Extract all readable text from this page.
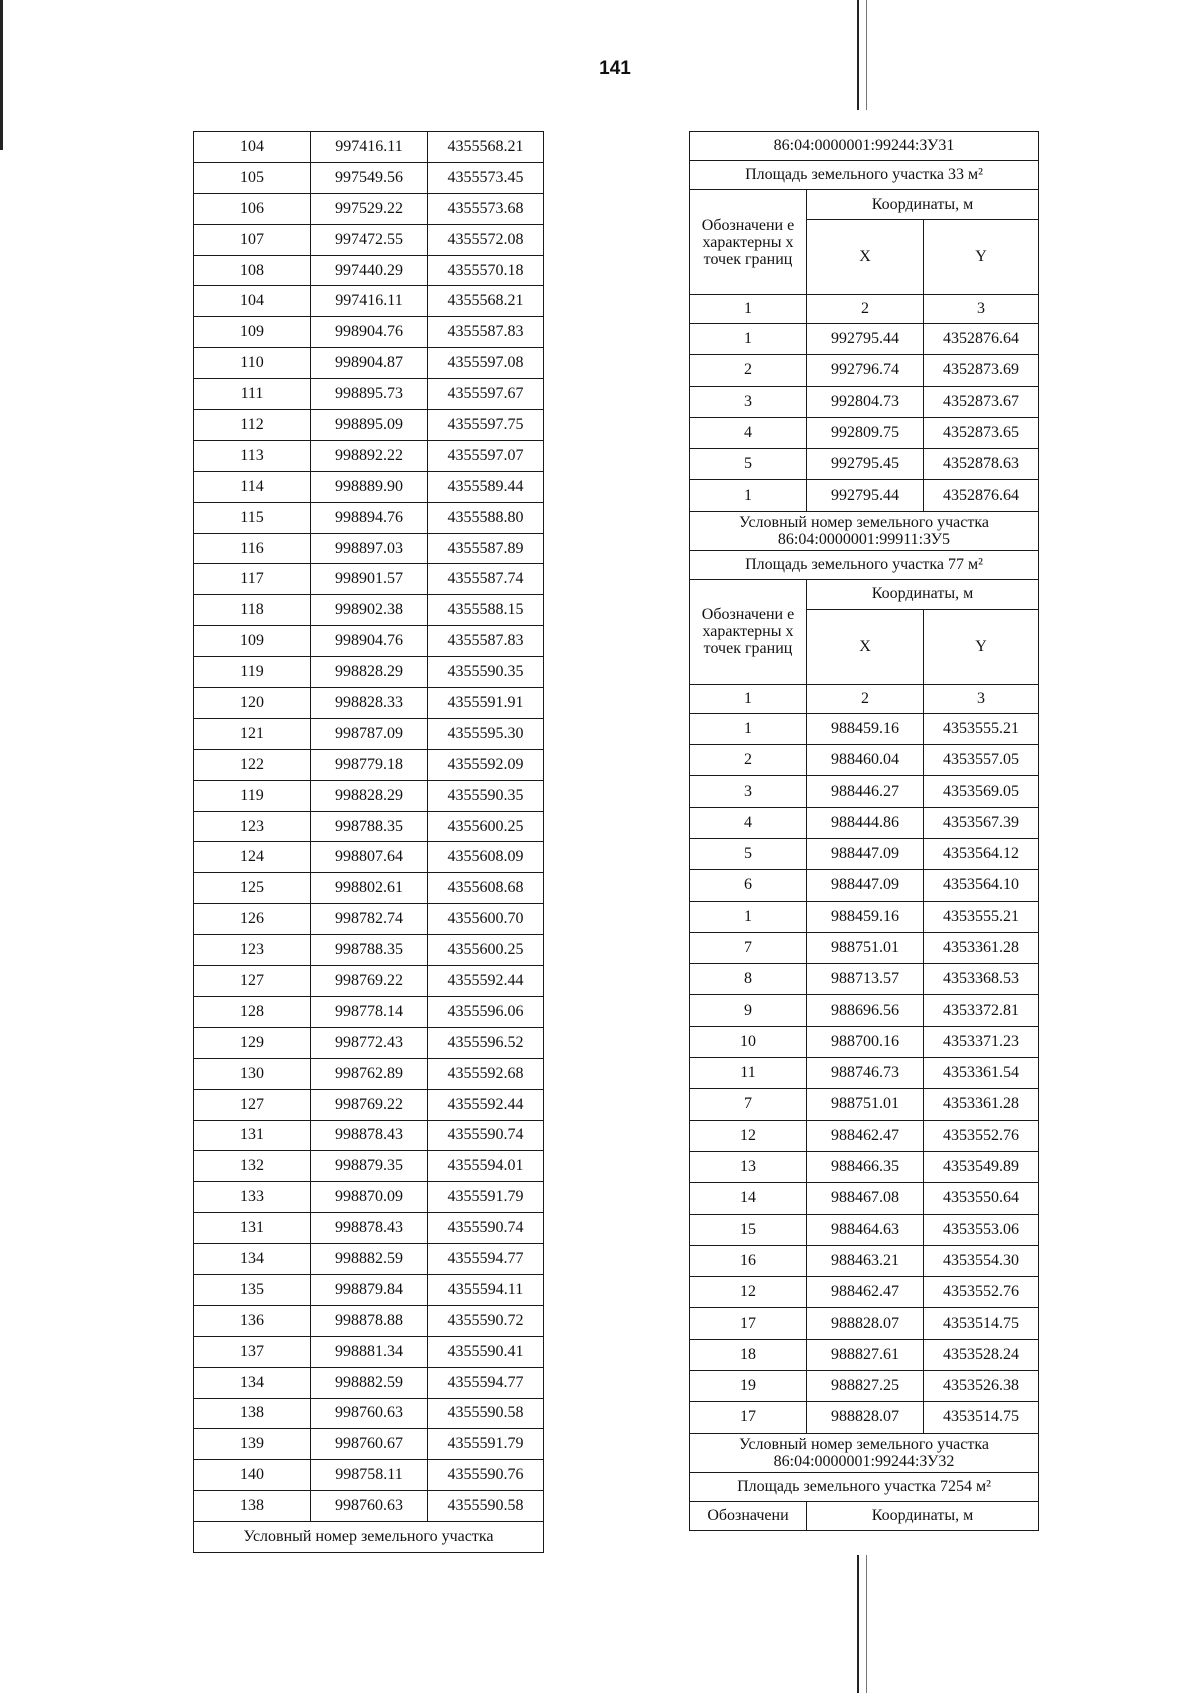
141
104	997416.11	4355568.21
105	997549.56	4355573.45
106	997529.22	4355573.68
107	997472.55	4355572.08
108	997440.29	4355570.18
104	997416.11	4355568.21
109	998904.76	4355587.83
110	998904.87	4355597.08
111	998895.73	4355597.67
112	998895.09	4355597.75
113	998892.22	4355597.07
114	998889.90	4355589.44
115	998894.76	4355588.80
116	998897.03	4355587.89
117	998901.57	4355587.74
118	998902.38	4355588.15
109	998904.76	4355587.83
119	998828.29	4355590.35
120	998828.33	4355591.91
121	998787.09	4355595.30
122	998779.18	4355592.09
119	998828.29	4355590.35
123	998788.35	4355600.25
124	998807.64	4355608.09
125	998802.61	4355608.68
126	998782.74	4355600.70
123	998788.35	4355600.25
127	998769.22	4355592.44
128	998778.14	4355596.06
129	998772.43	4355596.52
130	998762.89	4355592.68
127	998769.22	4355592.44
131	998878.43	4355590.74
132	998879.35	4355594.01
133	998870.09	4355591.79
131	998878.43	4355590.74
134	998882.59	4355594.77
135	998879.84	4355594.11
136	998878.88	4355590.72
137	998881.34	4355590.41
134	998882.59	4355594.77
138	998760.63	4355590.58
139	998760.67	4355591.79
140	998758.11	4355590.76
138	998760.63	4355590.58
Условный номер земельного участка		
86:04:0000001:99244:ЗУ31		
Площадь земельного участка 33 м²		
Обозначени е характерны х точек границ	Координаты, м	
	X	Y
1	2	3
1	992795.44	4352876.64
2	992796.74	4352873.69
3	992804.73	4352873.67
4	992809.75	4352873.65
5	992795.45	4352878.63
1	992795.44	4352876.64

Условный номер земельного участка
86:04:0000001:99911:ЗУ5		

Площадь земельного участка 77 м²		
Обозначени е характерны х точек границ	Координаты, м	
	X	Y
1	2	3
1	988459.16	4353555.21
2	988460.04	4353557.05
3	988446.27	4353569.05
4	988444.86	4353567.39
5	988447.09	4353564.12
6	988447.09	4353564.10
1	988459.16	4353555.21
7	988751.01	4353361.28
8	988713.57	4353368.53
9	988696.56	4353372.81
10	988700.16	4353371.23
11	988746.73	4353361.54
7	988751.01	4353361.28
12	988462.47	4353552.76
13	988466.35	4353549.89
14	988467.08	4353550.64
15	988464.63	4353553.06
16	988463.21	4353554.30
12	988462.47	4353552.76
17	988828.07	4353514.75
18	988827.61	4353528.24
19	988827.25	4353526.38
17	988828.07	4353514.75

Условный номер земельного участка
86:04:0000001:99244:ЗУ32		

Площадь земельного участка 7254 м²		
Обозначени	Координаты, м	
